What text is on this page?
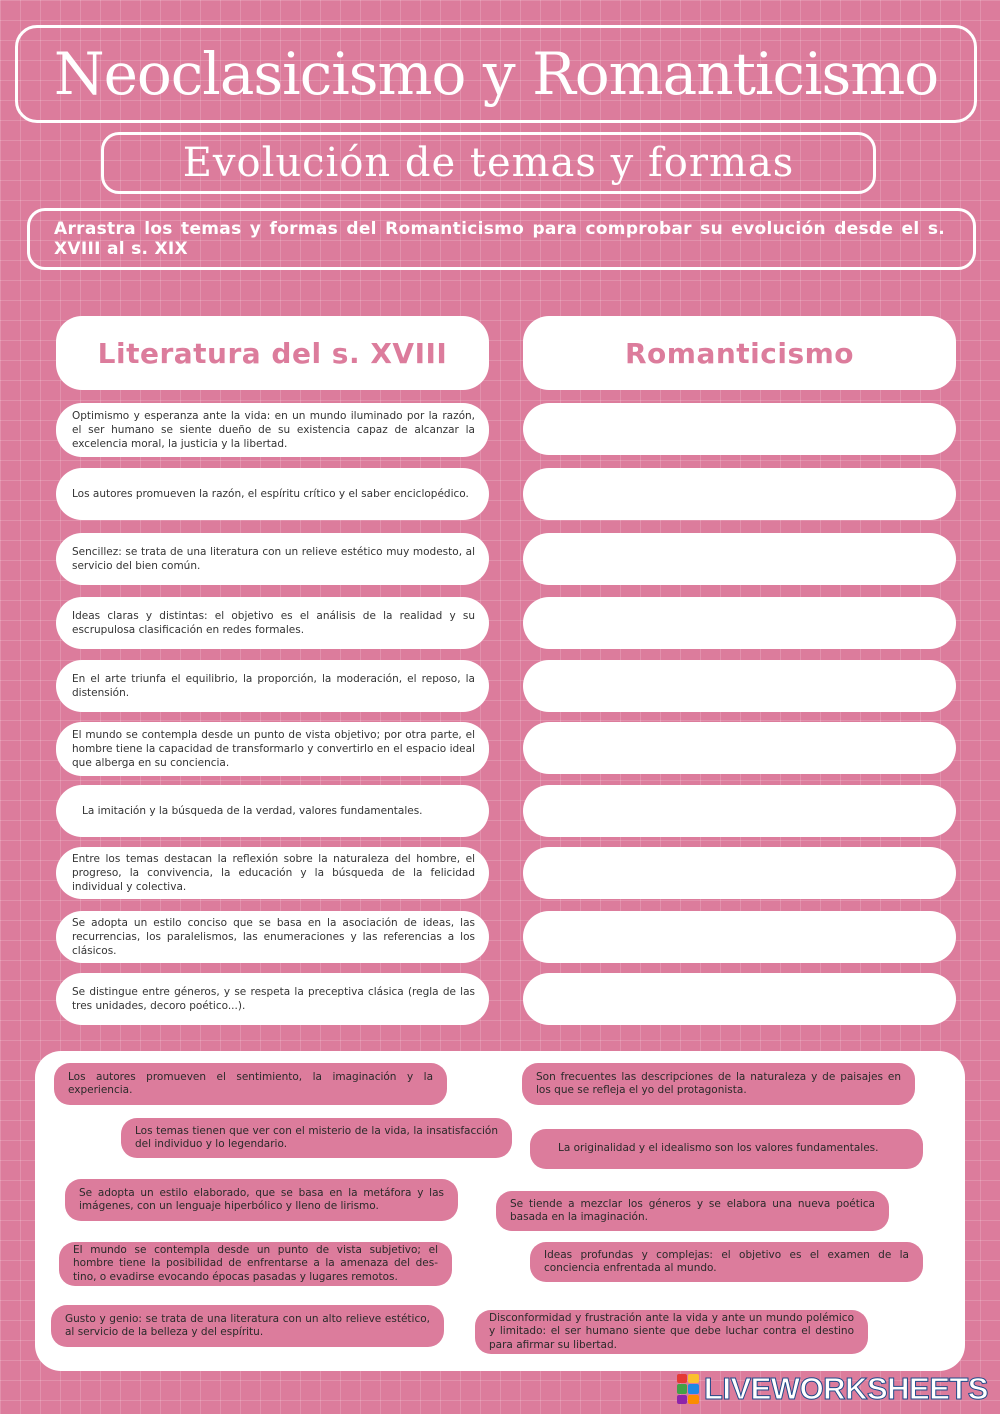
Neoclasicismo y Romanticismo
Evolución de temas y formas

Arrastra los temas y formas del Romanticismo para comprobar su evolución desde el s. XVIII al s. XIX

Literatura del s. XVIII	Romanticismo
Optimismo y esperanza ante la vida: en un mundo iluminado por la razón, el ser humano se siente dueño de su existencia capaz de alcanzar la excelencia moral, la justicia y la libertad.
Los autores promueven la razón, el espíritu crítico y el saber enciclopédico.
Sencillez: se trata de una literatura con un relieve estético muy modesto, al servicio del bien común.
Ideas claras y distintas: el objetivo es el análisis de la realidad y su escrupulosa clasificación en redes formales.
En el arte triunfa el equilibrio, la proporción, la moderación, el reposo, la distensión.
El mundo se contempla desde un punto de vista objetivo; por otra parte, el hombre tiene la capacidad de transformarlo y convertirlo en el espacio ideal que alberga en su conciencia.
La imitación y la búsqueda de la verdad, valores fundamentales.
Entre los temas destacan la reflexión sobre la naturaleza del hombre, el progreso, la convivencia, la educación y la búsqueda de la felicidad individual y colectiva.
Se adopta un estilo conciso que se basa en la asociación de ideas, las recurrencias, los paralelismos, las enumeraciones y las referencias a los clásicos.
Se distingue entre géneros, y se respeta la preceptiva clásica (regla de las tres unidades, decoro poético...).
Los autores promueven el sentimiento, la imaginación y la experiencia.
Son frecuentes las descripciones de la naturaleza y de paisajes en los que se refleja el yo del protagonista.
Los temas tienen que ver con el misterio de la vida, la insatisfacción del individuo y lo legendario.	La originalidad y el idealismo son los valores fundamentales.
Se adopta un estilo elaborado, que se basa en la metáfora y las imágenes, con un lenguaje hiperbólico y lleno de lirismo.	Se tiende a mezclar los géneros y se elabora una nueva poética basada en la imaginación.
El mundo se contempla desde un punto de vista subjetivo; el hombre tiene la posibilidad de enfrentarse a la amenaza del des-tino, o evadirse evocando épocas pasadas y lugares remotos.
Ideas profundas y complejas: el objetivo es el examen de la conciencia enfrentada al mundo.
Gusto y genio: se trata de una literatura con un alto relieve estético, al servicio de la belleza y del espíritu.
Disconformidad y frustración ante la vida y ante un mundo polémico y limitado: el ser humano siente que debe luchar contra el destino para afirmar su libertad.
LIVEWORKSHEETS
